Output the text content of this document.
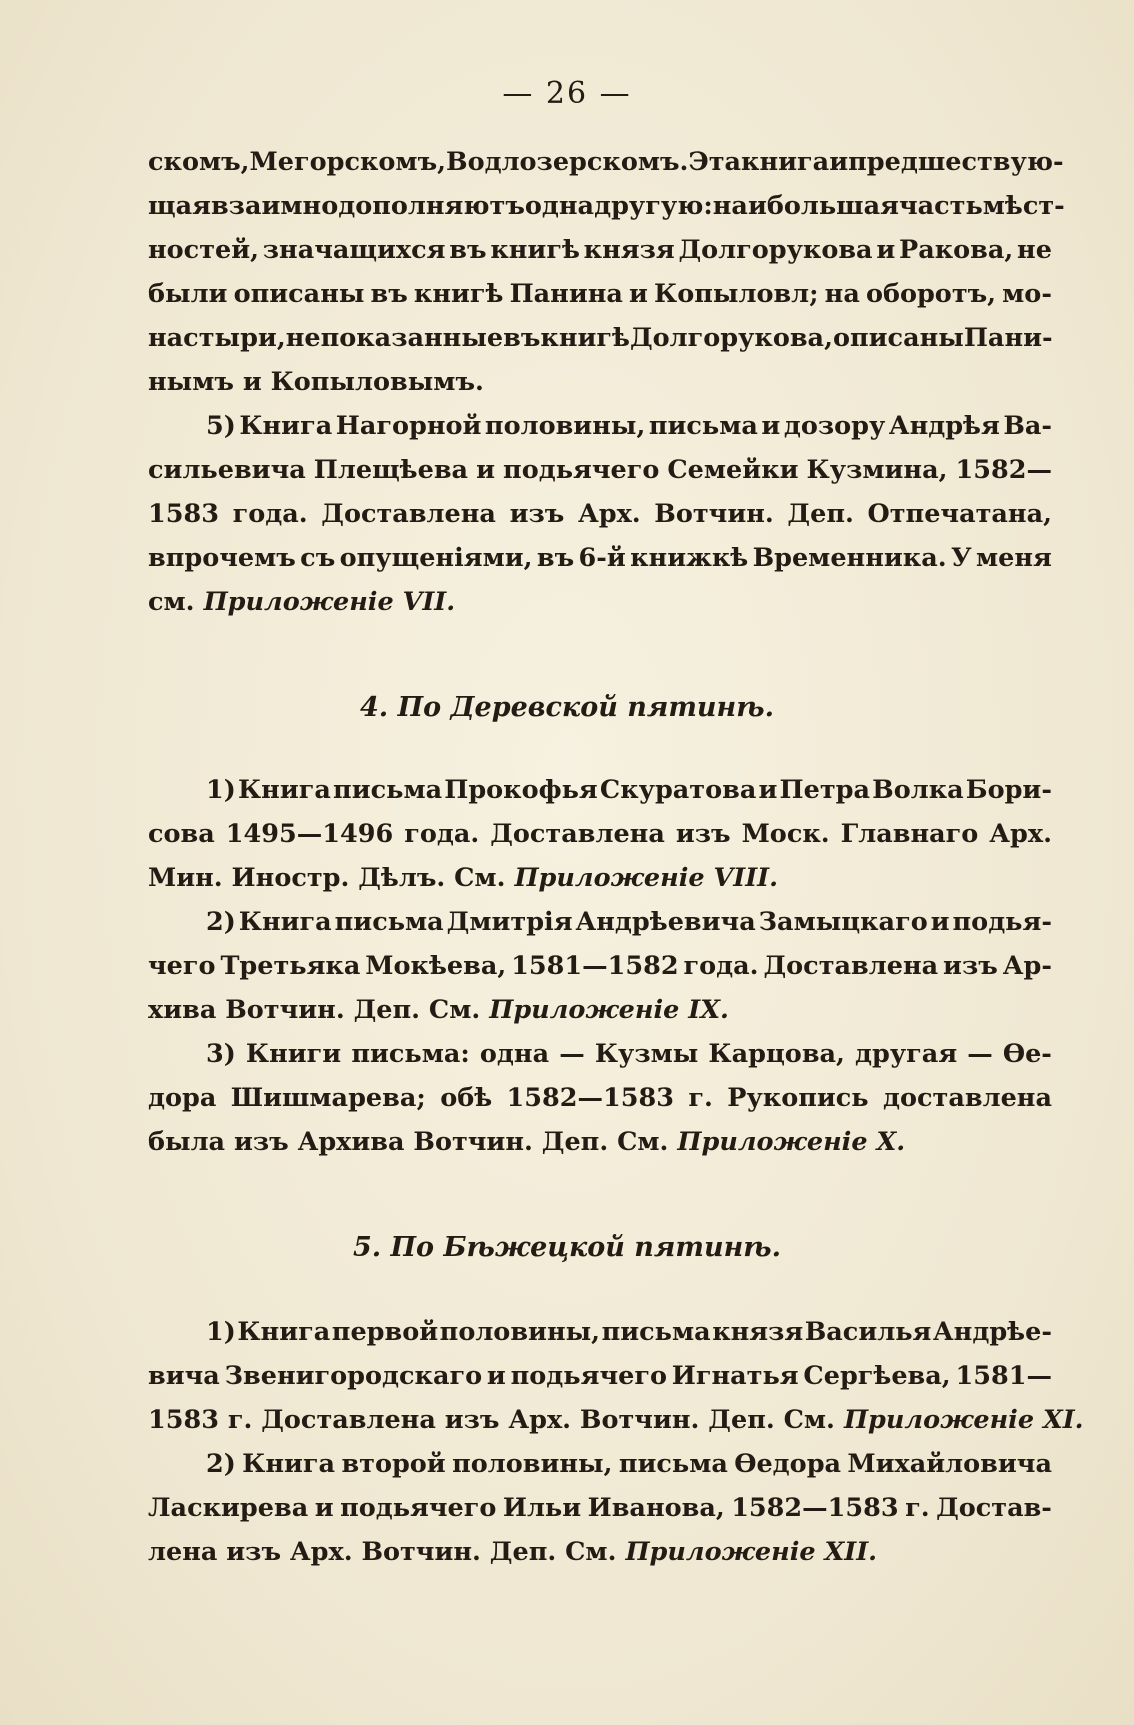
— 26 —
скомъ, Мегорскомъ, Водлозерскомъ. Эта книга и предшествую-
щая взаимно дополняютъ одна другую: наибольшая часть мѣст-
ностей, значащихся въ книгѣ князя Долгорукова и Ракова, не
были описаны въ книгѣ Панина и Копыловл; на оборотъ, мо-
настыри, не показанные въ книгѣ Долгорукова, описаны Пани-
нымъ и Копыловымъ.
5) Книга Нагорной половины, письма и дозору Андрѣя Ва-
сильевича Плещѣева и подьячего Семейки Кузмина, 1582—
1583 года. Доставлена изъ Арх. Вотчин. Деп. Отпечатана,
впрочемъ съ опущеніями, въ 6-й книжкѣ Временника. У меня
см. Приложеніе VII.
4. По Деревской пятинѣ.
1) Книга письма Прокофья Скуратова и Петра Волка Бори-
сова 1495—1496 года. Доставлена изъ Моск. Главнаго Арх.
Мин. Иностр. Дѣлъ. См. Приложеніе VIII.
2) Книга письма Дмитрія Андрѣевича Замыцкаго и подья-
чего Третьяка Мокѣева, 1581—1582 года. Доставлена изъ Ар-
хива Вотчин. Деп. См. Приложеніе IX.
3) Книги письма: одна — Кузмы Карцова, другая — Ѳе-
дора Шишмарева; обѣ 1582—1583 г. Рукопись доставлена
была изъ Архива Вотчин. Деп. См. Приложеніе X.
5. По Бѣжецкой пятинѣ.
1) Книга первой половины, письма князя Василья Андрѣе-
вича Звенигородскаго и подьячего Игнатья Сергѣева, 1581—
1583 г. Доставлена изъ Арх. Вотчин. Деп. См. Приложеніе XI.
2) Книга второй половины, письма Ѳедора Михайловича
Ласкирева и подьячего Ильи Иванова, 1582—1583 г. Достав-
лена изъ Арх. Вотчин. Деп. См. Приложеніе XII.
